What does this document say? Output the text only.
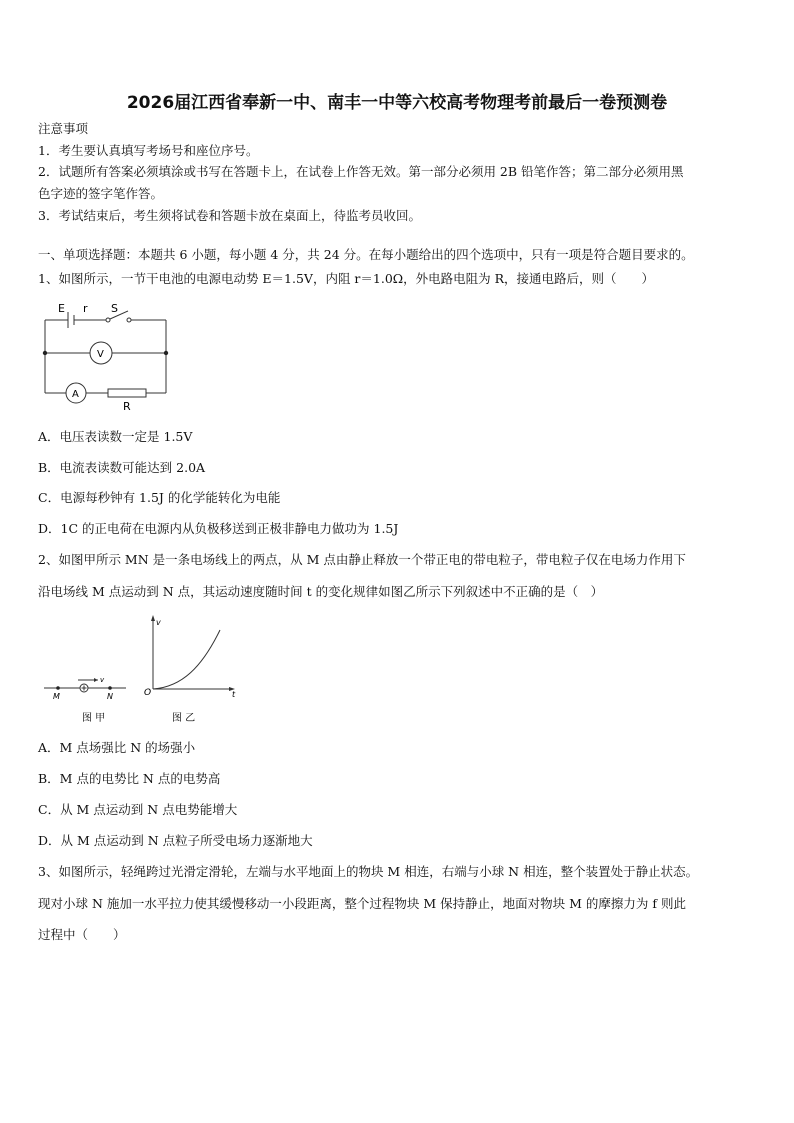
2026届江西省奉新一中、南丰一中等六校高考物理考前最后一卷预测卷
注意事项
1．考生要认真填写考场号和座位序号。
2．试题所有答案必须填涂或书写在答题卡上，在试卷上作答无效。第一部分必须用 2B 铅笔作答；第二部分必须用黑
色字迹的签字笔作答。
3．考试结束后，考生须将试卷和答题卡放在桌面上，待监考员收回。
一、单项选择题：本题共 6 小题，每小题 4 分，共 24 分。在每小题给出的四个选项中，只有一项是符合题目要求的。
1、如图所示，一节干电池的电源电动势 E＝1.5V，内阻 r＝1.0Ω，外电路电阻为 R，接通电路后，则（　　）
E r S
V
A
R
A．电压表读数一定是 1.5V
B．电流表读数可能达到 2.0A
C．电源每秒钟有 1.5J 的化学能转化为电能
D．1C 的正电荷在电源内从负极移送到正极非静电力做功为 1.5J
2、如图甲所示 MN 是一条电场线上的两点，从 M 点由静止释放一个带正电的带电粒子，带电粒子仅在电场力作用下
沿电场线 M 点运动到 N 点，其运动速度随时间 t 的变化规律如图乙所示下列叙述中不正确的是（　）
M	N
v
图 甲
v
O	t
图 乙
A．M 点场强比 N 的场强小
B．M 点的电势比 N 点的电势高
C．从 M 点运动到 N 点电势能增大
D．从 M 点运动到 N 点粒子所受电场力逐渐地大
3、如图所示，轻绳跨过光滑定滑轮，左端与水平地面上的物块 M 相连，右端与小球 N 相连，整个装置处于静止状态。
现对小球 N 施加一水平拉力使其缓慢移动一小段距离，整个过程物块 M 保持静止，地面对物块 M 的摩擦力为 f 则此
过程中（　　）
